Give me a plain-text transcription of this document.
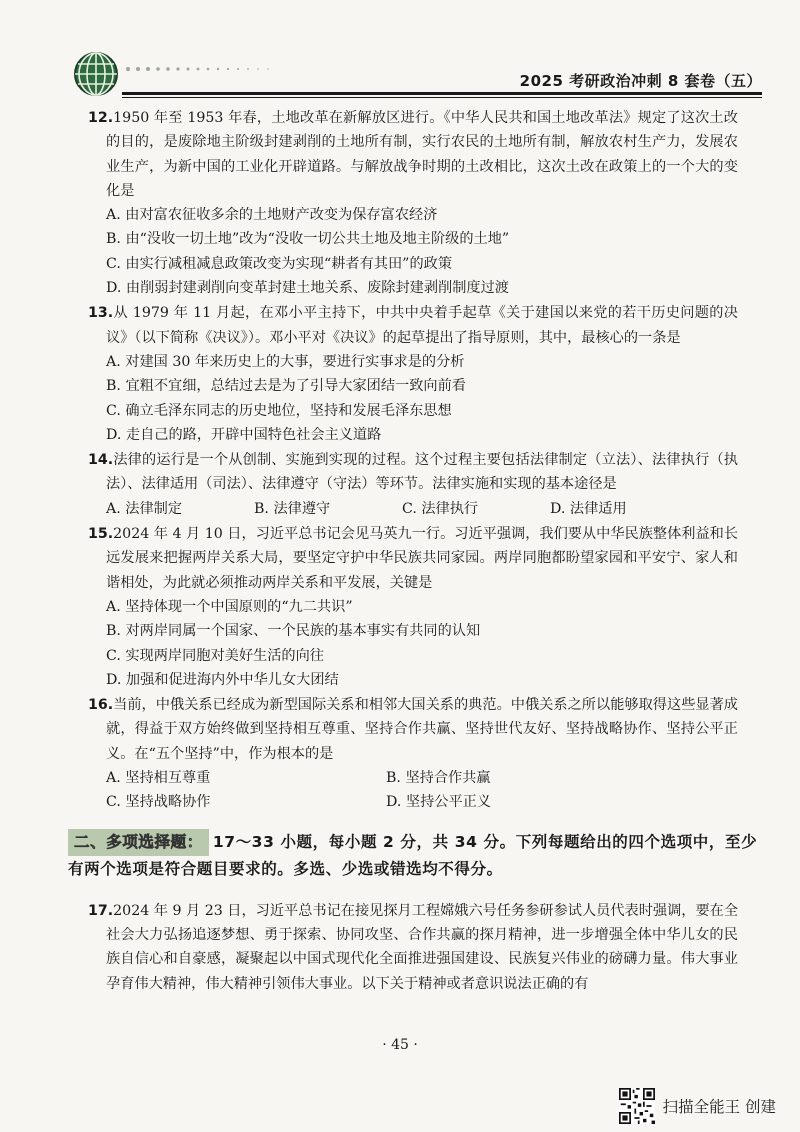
2025 考研政治冲刺 8 套卷（五）
12.1950 年至 1953 年春，土地改革在新解放区进行。《中华人民共和国土地改革法》规定了这次土改的目的，是废除地主阶级封建剥削的土地所有制，实行农民的土地所有制，解放农村生产力，发展农业生产，为新中国的工业化开辟道路。与解放战争时期的土改相比，这次土改在政策上的一个大的变化是
A. 由对富农征收多余的土地财产改变为保存富农经济
B. 由“没收一切土地”改为“没收一切公共土地及地主阶级的土地”
C. 由实行减租减息政策改变为实现“耕者有其田”的政策
D. 由削弱封建剥削向变革封建土地关系、废除封建剥削制度过渡
13.从 1979 年 11 月起，在邓小平主持下，中共中央着手起草《关于建国以来党的若干历史问题的决议》（以下简称《决议》）。邓小平对《决议》的起草提出了指导原则，其中，最核心的一条是
A. 对建国 30 年来历史上的大事，要进行实事求是的分析
B. 宜粗不宜细，总结过去是为了引导大家团结一致向前看
C. 确立毛泽东同志的历史地位，坚持和发展毛泽东思想
D. 走自己的路，开辟中国特色社会主义道路
14.法律的运行是一个从创制、实施到实现的过程。这个过程主要包括法律制定（立法）、法律执行（执法）、法律适用（司法）、法律遵守（守法）等环节。法律实施和实现的基本途径是
A. 法律制定	B. 法律遵守	C. 法律执行	D. 法律适用
15.2024 年 4 月 10 日，习近平总书记会见马英九一行。习近平强调，我们要从中华民族整体利益和长远发展来把握两岸关系大局，要坚定守护中华民族共同家园。两岸同胞都盼望家园和平安宁、家人和谐相处，为此就必须推动两岸关系和平发展，关键是
A. 坚持体现一个中国原则的“九二共识”
B. 对两岸同属一个国家、一个民族的基本事实有共同的认知
C. 实现两岸同胞对美好生活的向往
D. 加强和促进海内外中华儿女大团结
16.当前，中俄关系已经成为新型国际关系和相邻大国关系的典范。中俄关系之所以能够取得这些显著成就，得益于双方始终做到坚持相互尊重、坚持合作共赢、坚持世代友好、坚持战略协作、坚持公平正义。在“五个坚持”中，作为根本的是
A. 坚持相互尊重	B. 坚持合作共赢
C. 坚持战略协作	D. 坚持公平正义
二、多项选择题： 17～33 小题，每小题 2 分，共 34 分。下列每题给出的四个选项中，至少有两个选项是符合题目要求的。多选、少选或错选均不得分。
17.2024 年 9 月 23 日，习近平总书记在接见探月工程嫦娥六号任务参研参试人员代表时强调，要在全社会大力弘扬追逐梦想、勇于探索、协同攻坚、合作共赢的探月精神，进一步增强全体中华儿女的民族自信心和自豪感，凝聚起以中国式现代化全面推进强国建设、民族复兴伟业的磅礴力量。伟大事业孕育伟大精神，伟大精神引领伟大事业。以下关于精神或者意识说法正确的有
· 45 ·
扫描全能王 创建
